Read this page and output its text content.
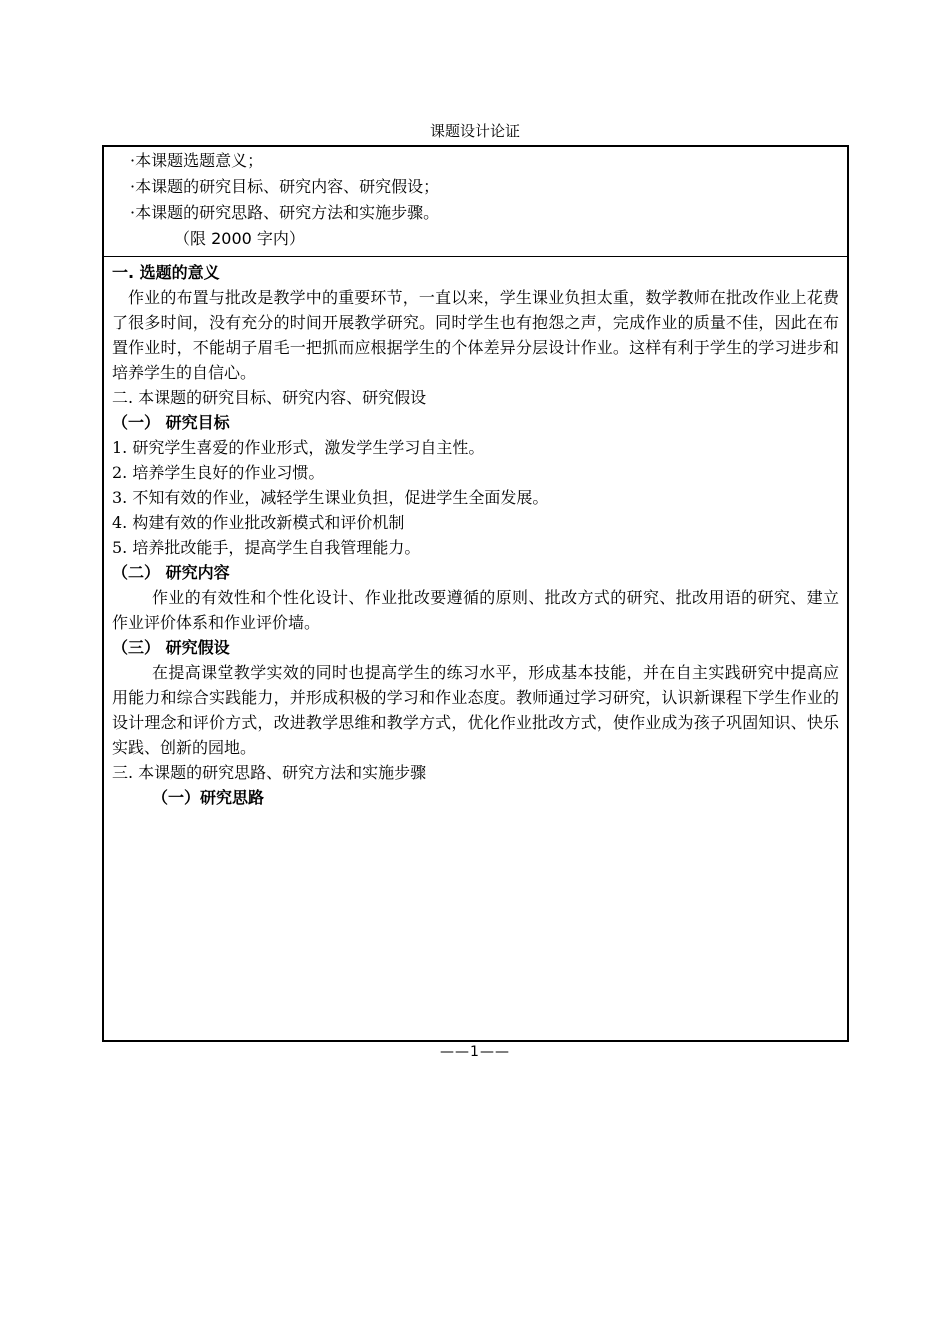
课题设计论证
·本课题选题意义；
·本课题的研究目标、研究内容、研究假设；
·本课题的研究思路、研究方法和实施步骤。
（限 2000 字内）
一. 选题的意义
作业的布置与批改是教学中的重要环节，一直以来，学生课业负担太重，数学教师在批改作业上花费了很多时间，没有充分的时间开展教学研究。同时学生也有抱怨之声，完成作业的质量不佳，因此在布置作业时，不能胡子眉毛一把抓而应根据学生的个体差异分层设计作业。这样有利于学生的学习进步和培养学生的自信心。
二. 本课题的研究目标、研究内容、研究假设
（一） 研究目标
1. 研究学生喜爱的作业形式，激发学生学习自主性。
2. 培养学生良好的作业习惯。
3. 不知有效的作业，减轻学生课业负担，促进学生全面发展。
4. 构建有效的作业批改新模式和评价机制
5. 培养批改能手，提高学生自我管理能力。
（二） 研究内容
作业的有效性和个性化设计、作业批改要遵循的原则、批改方式的研究、批改用语的研究、建立作业评价体系和作业评价墙。
（三） 研究假设
在提高课堂教学实效的同时也提高学生的练习水平，形成基本技能，并在自主实践研究中提高应用能力和综合实践能力，并形成积极的学习和作业态度。教师通过学习研究，认识新课程下学生作业的设计理念和评价方式，改进教学思维和教学方式，优化作业批改方式，使作业成为孩子巩固知识、快乐实践、创新的园地。
三. 本课题的研究思路、研究方法和实施步骤
（一）研究思路
——1——
